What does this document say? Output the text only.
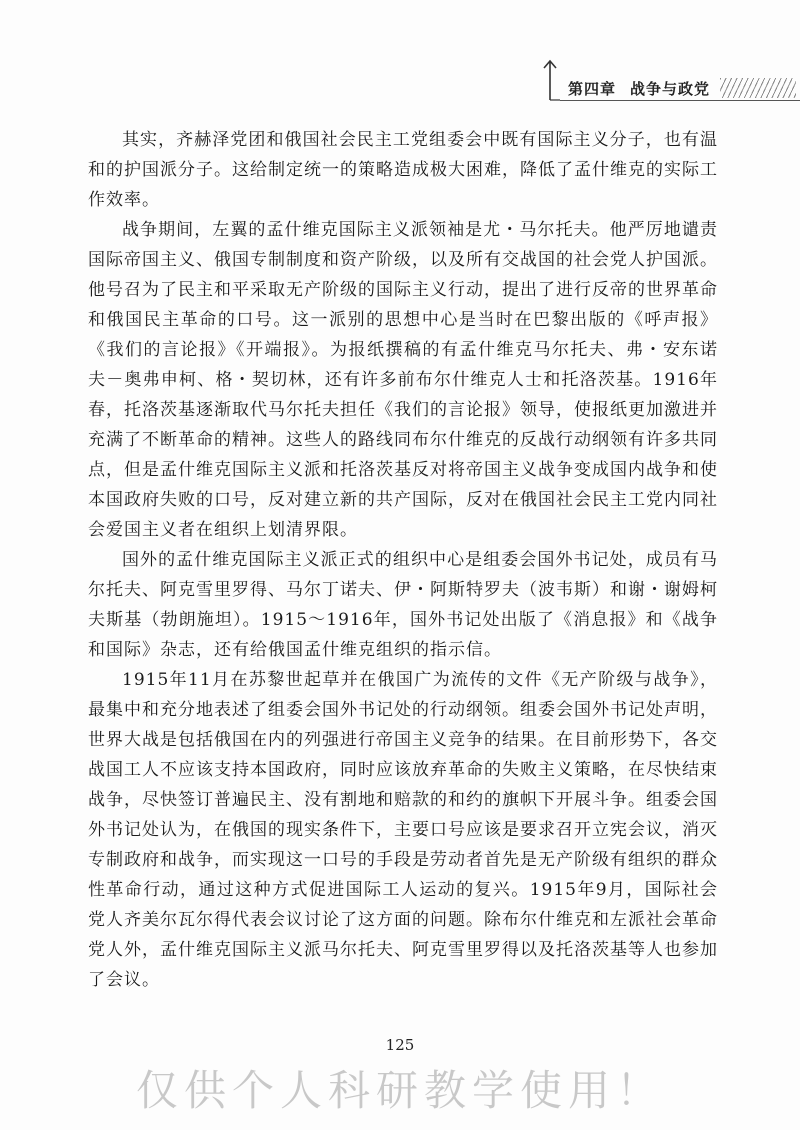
第四章 战争与政党

其实，齐赫泽党团和俄国社会民主工党组委会中既有国际主义分子，也有温和的护国派分子。这给制定统一的策略造成极大困难，降低了孟什维克的实际工作效率。

战争期间，左翼的孟什维克国际主义派领袖是尤・马尔托夫。他严厉地谴责国际帝国主义、俄国专制制度和资产阶级，以及所有交战国的社会党人护国派。他号召为了民主和平采取无产阶级的国际主义行动，提出了进行反帝的世界革命和俄国民主革命的口号。这一派别的思想中心是当时在巴黎出版的《呼声报》《我们的言论报》《开端报》。为报纸撰稿的有孟什维克马尔托夫、弗・安东诺夫－奥弗申柯、格・契切林，还有许多前布尔什维克人士和托洛茨基。1916年春，托洛茨基逐渐取代马尔托夫担任《我们的言论报》领导，使报纸更加激进并充满了不断革命的精神。这些人的路线同布尔什维克的反战行动纲领有许多共同点，但是孟什维克国际主义派和托洛茨基反对将帝国主义战争变成国内战争和使本国政府失败的口号，反对建立新的共产国际，反对在俄国社会民主工党内同社会爱国主义者在组织上划清界限。

国外的孟什维克国际主义派正式的组织中心是组委会国外书记处，成员有马尔托夫、阿克雪里罗得、马尔丁诺夫、伊・阿斯特罗夫（波韦斯）和谢・谢姆柯夫斯基（勃朗施坦）。1915～1916年，国外书记处出版了《消息报》和《战争和国际》杂志，还有给俄国孟什维克组织的指示信。

1915年11月在苏黎世起草并在俄国广为流传的文件《无产阶级与战争》，最集中和充分地表述了组委会国外书记处的行动纲领。组委会国外书记处声明，世界大战是包括俄国在内的列强进行帝国主义竞争的结果。在目前形势下，各交战国工人不应该支持本国政府，同时应该放弃革命的失败主义策略，在尽快结束战争，尽快签订普遍民主、没有割地和赔款的和约的旗帜下开展斗争。组委会国外书记处认为，在俄国的现实条件下，主要口号应该是要求召开立宪会议，消灭专制政府和战争，而实现这一口号的手段是劳动者首先是无产阶级有组织的群众性革命行动，通过这种方式促进国际工人运动的复兴。1915年9月，国际社会党人齐美尔瓦尔得代表会议讨论了这方面的问题。除布尔什维克和左派社会革命党人外，孟什维克国际主义派马尔托夫、阿克雪里罗得以及托洛茨基等人也参加了会议。

125
仅供个人科研教学使用！
